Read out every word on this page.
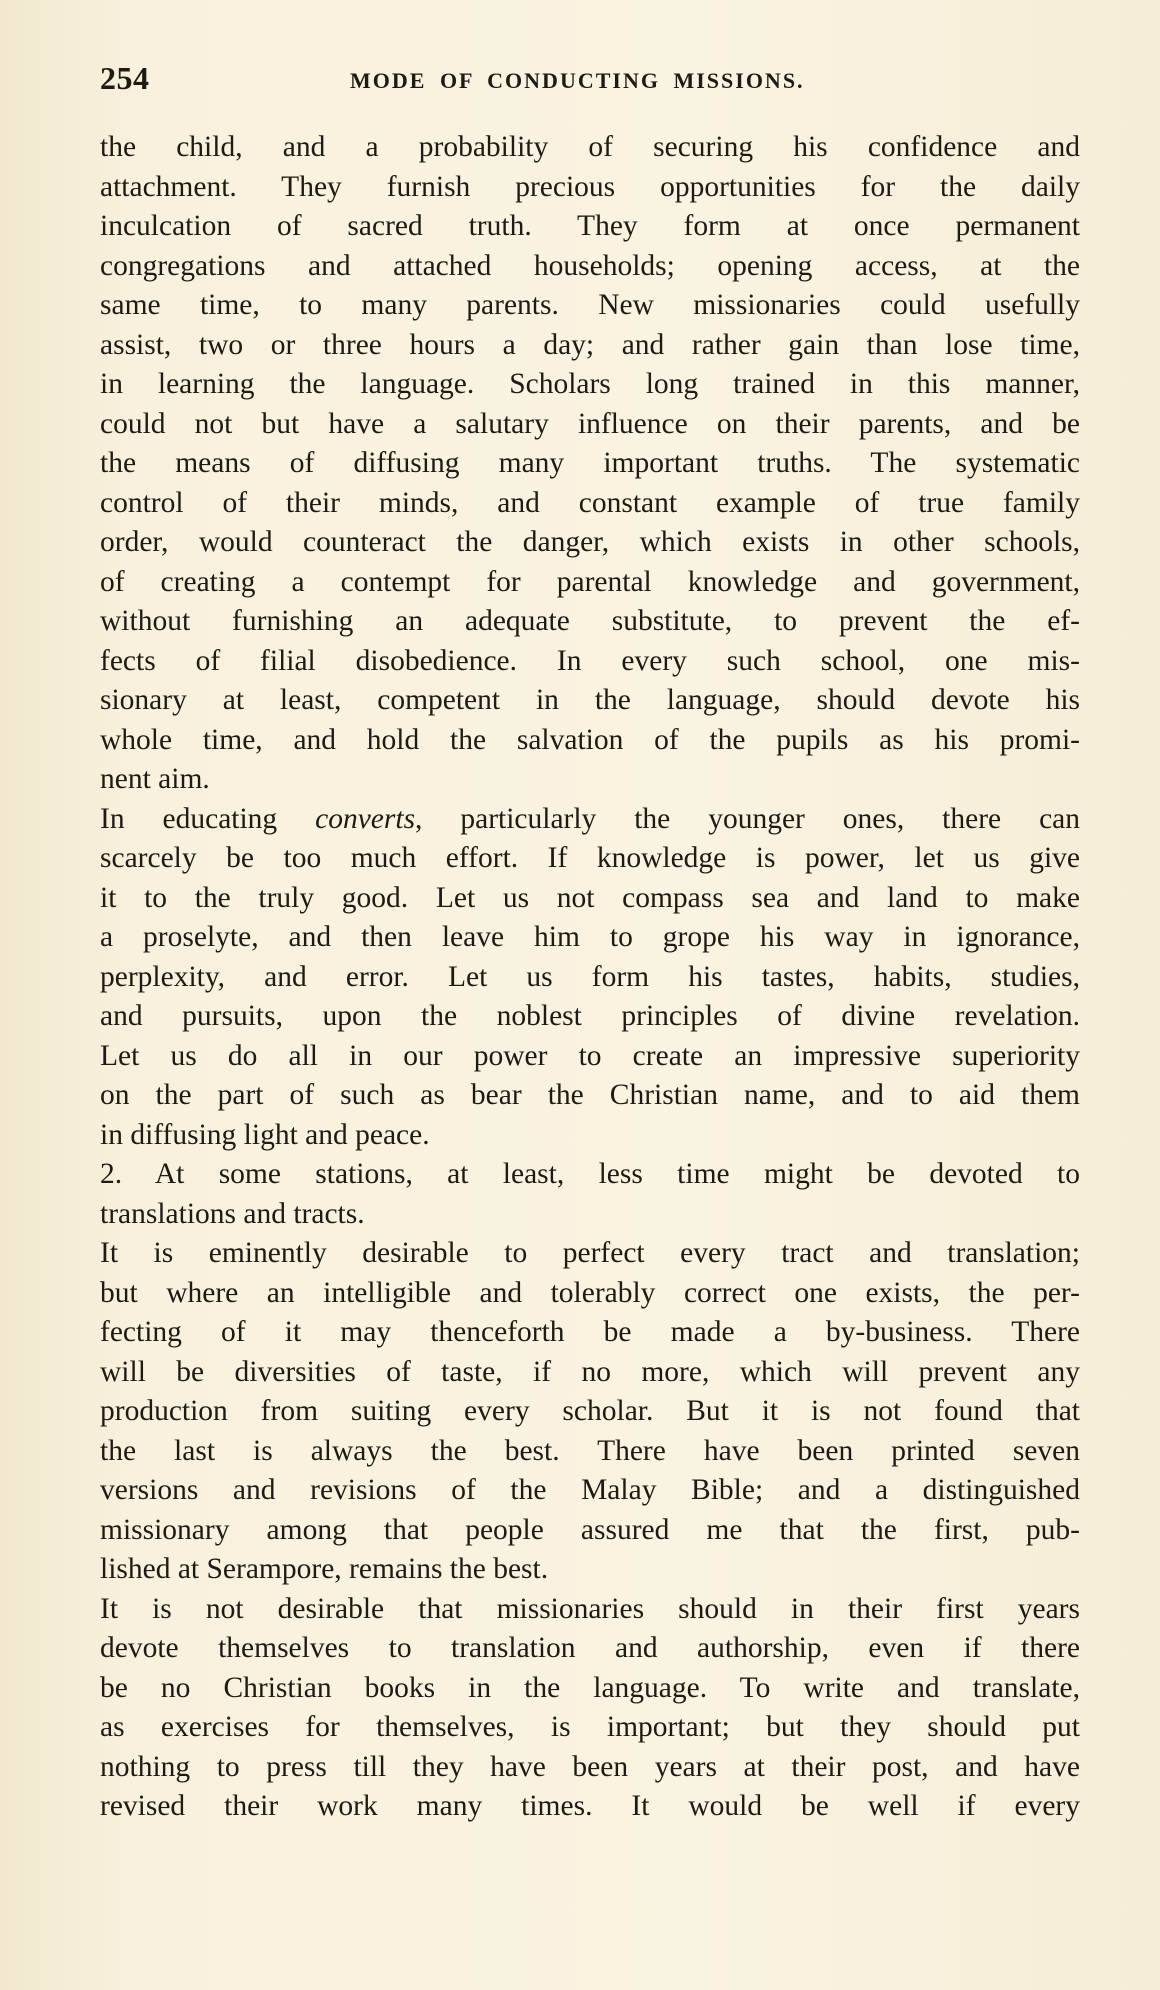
254	MODE OF CONDUCTING MISSIONS.
the child, and a probability of securing his confidence and
attachment. They furnish precious opportunities for the daily
inculcation of sacred truth. They form at once permanent
congregations and attached households; opening access, at the
same time, to many parents. New missionaries could usefully
assist, two or three hours a day; and rather gain than lose time,
in learning the language. Scholars long trained in this manner,
could not but have a salutary influence on their parents, and be
the means of diffusing many important truths. The systematic
control of their minds, and constant example of true family
order, would counteract the danger, which exists in other schools,
of creating a contempt for parental knowledge and government,
without furnishing an adequate substitute, to prevent the ef-
fects of filial disobedience. In every such school, one mis-
sionary at least, competent in the language, should devote his
whole time, and hold the salvation of the pupils as his promi-
nent aim.
In educating converts, particularly the younger ones, there can
scarcely be too much effort. If knowledge is power, let us give
it to the truly good. Let us not compass sea and land to make
a proselyte, and then leave him to grope his way in ignorance,
perplexity, and error. Let us form his tastes, habits, studies,
and pursuits, upon the noblest principles of divine revelation.
Let us do all in our power to create an impressive superiority
on the part of such as bear the Christian name, and to aid them
in diffusing light and peace.
2. At some stations, at least, less time might be devoted to
translations and tracts.
It is eminently desirable to perfect every tract and translation;
but where an intelligible and tolerably correct one exists, the per-
fecting of it may thenceforth be made a by-business. There
will be diversities of taste, if no more, which will prevent any
production from suiting every scholar. But it is not found that
the last is always the best. There have been printed seven
versions and revisions of the Malay Bible; and a distinguished
missionary among that people assured me that the first, pub-
lished at Serampore, remains the best.
It is not desirable that missionaries should in their first years
devote themselves to translation and authorship, even if there
be no Christian books in the language. To write and translate,
as exercises for themselves, is important; but they should put
nothing to press till they have been years at their post, and have
revised their work many times. It would be well if every
